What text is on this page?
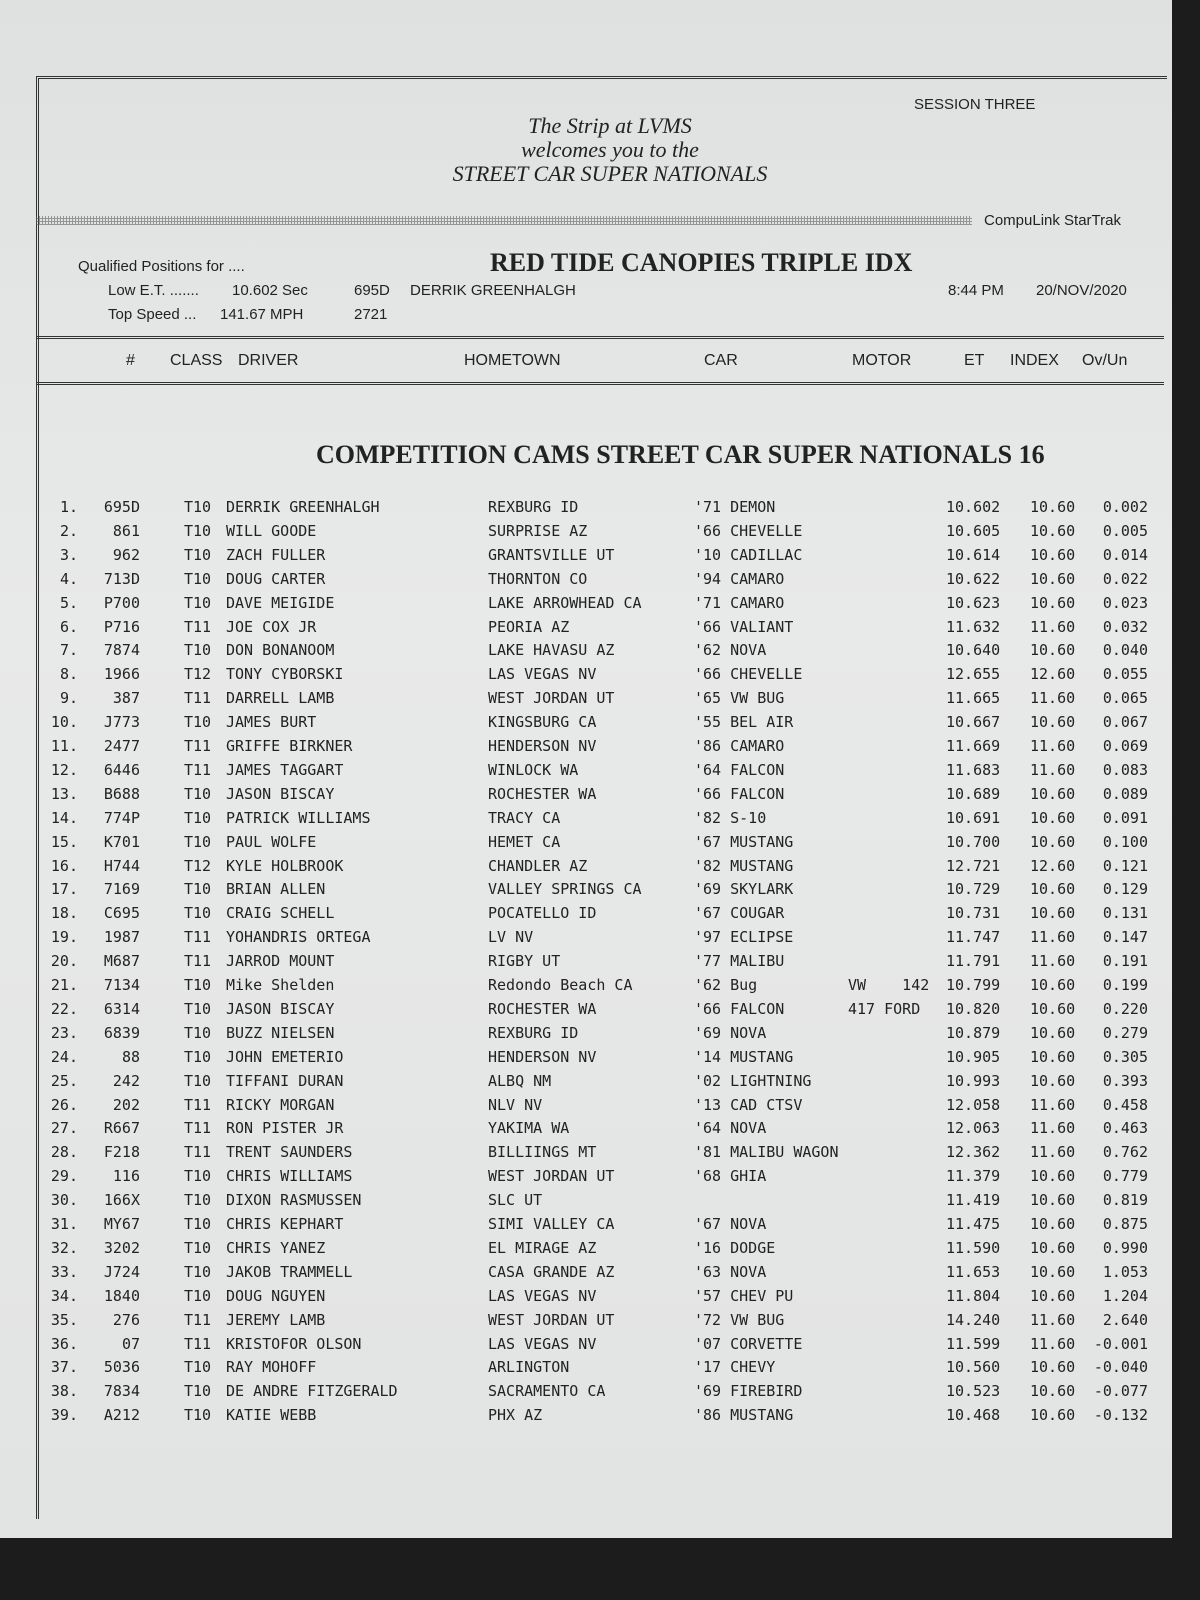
SESSION THREE
The Strip at LVMS
welcomes you to the
STREET CAR SUPER NATIONALS
CompuLink StarTrak
Qualified Positions for ....	RED TIDE CANOPIES TRIPLE IDX
Low E.T. ....... 10.602 Sec	695D DERRIK GREENHALGH	8:44 PM 20/NOV/2020
Top Speed ... 141.67 MPH	2721
# CLASS DRIVER	HOMETOWN	CAR	MOTOR	ET INDEX Ov/Un
COMPETITION CAMS STREET CAR SUPER NATIONALS 16
1.	695D	T10 DERRIK GREENHALGH	REXBURG ID	'71 DEMON	10.602 10.60	0.002
2.	861	T10 WILL GOODE	SURPRISE AZ	'66 CHEVELLE	10.605 10.60	0.005
3.	962	T10 ZACH FULLER	GRANTSVILLE UT	'10 CADILLAC	10.614 10.60	0.014
4.	713D	T10 DOUG CARTER	THORNTON CO	'94 CAMARO	10.622 10.60	0.022
5.	P700	T10 DAVE MEIGIDE	LAKE ARROWHEAD CA	'71 CAMARO	10.623 10.60	0.023
6.	P716	T11 JOE COX JR	PEORIA AZ	'66 VALIANT	11.632 11.60	0.032
7.	7874	T10 DON BONANOOM	LAKE HAVASU AZ	'62 NOVA	10.640 10.60	0.040
8.	1966	T12 TONY CYBORSKI	LAS VEGAS NV	'66 CHEVELLE	12.655 12.60	0.055
9.	387	T11 DARRELL LAMB	WEST JORDAN UT	'65 VW BUG	11.665 11.60	0.065
10.	J773	T10 JAMES BURT	KINGSBURG CA	'55 BEL AIR	10.667 10.60	0.067
11.	2477	T11 GRIFFE BIRKNER	HENDERSON NV	'86 CAMARO	11.669 11.60	0.069
12.	6446	T11 JAMES TAGGART	WINLOCK WA	'64 FALCON	11.683 11.60	0.083
13.	B688	T10 JASON BISCAY	ROCHESTER WA	'66 FALCON	10.689 10.60	0.089
14.	774P	T10 PATRICK WILLIAMS	TRACY CA	'82 S-10	10.691 10.60	0.091
15.	K701	T10 PAUL WOLFE	HEMET CA	'67 MUSTANG	10.700 10.60	0.100
16.	H744	T12 KYLE HOLBROOK	CHANDLER AZ	'82 MUSTANG	12.721 12.60	0.121
17.	7169	T10 BRIAN ALLEN	VALLEY SPRINGS CA	'69 SKYLARK	10.729 10.60	0.129
18.	C695	T10 CRAIG SCHELL	POCATELLO ID	'67 COUGAR	10.731 10.60	0.131
19.	1987	T11 YOHANDRIS ORTEGA	LV NV	'97 ECLIPSE	11.747 11.60	0.147
20.	M687	T11 JARROD MOUNT	RIGBY UT	'77 MALIBU	11.791 11.60	0.191
21.	7134	T10 Mike Shelden	Redondo Beach CA	'62 Bug	VW    142 10.799 10.60	0.199
22.	6314	T10 JASON BISCAY	ROCHESTER WA	'66 FALCON	417 FORD 10.820 10.60	0.220
23.	6839	T10 BUZZ NIELSEN	REXBURG ID	'69 NOVA	10.879 10.60	0.279
24.	88	T10 JOHN EMETERIO	HENDERSON NV	'14 MUSTANG	10.905 10.60	0.305
25.	242	T10 TIFFANI DURAN	ALBQ NM	'02 LIGHTNING	10.993 10.60	0.393
26.	202	T11 RICKY MORGAN	NLV NV	'13 CAD CTSV	12.058 11.60	0.458
27.	R667	T11 RON PISTER JR	YAKIMA WA	'64 NOVA	12.063 11.60	0.463
28.	F218	T11 TRENT SAUNDERS	BILLIINGS MT	'81 MALIBU WAGON	12.362 11.60	0.762
29.	116	T10 CHRIS WILLIAMS	WEST JORDAN UT	'68 GHIA	11.379 10.60	0.779
30.	166X	T10 DIXON RASMUSSEN	SLC UT	11.419 10.60	0.819
31.	MY67	T10 CHRIS KEPHART	SIMI VALLEY CA	'67 NOVA	11.475 10.60	0.875
32.	3202	T10 CHRIS YANEZ	EL MIRAGE AZ	'16 DODGE	11.590 10.60	0.990
33.	J724	T10 JAKOB TRAMMELL	CASA GRANDE AZ	'63 NOVA	11.653 10.60	1.053
34.	1840	T10 DOUG NGUYEN	LAS VEGAS NV	'57 CHEV PU	11.804 10.60	1.204
35.	276	T11 JEREMY LAMB	WEST JORDAN UT	'72 VW BUG	14.240 11.60	2.640
36.	07	T11 KRISTOFOR OLSON	LAS VEGAS NV	'07 CORVETTE	11.599 11.60	-0.001
37.	5036	T10 RAY MOHOFF	ARLINGTON	'17 CHEVY	10.560 10.60	-0.040
38.	7834	T10 DE ANDRE FITZGERALD	SACRAMENTO CA	'69 FIREBIRD	10.523 10.60	-0.077
39.	A212	T10 KATIE WEBB	PHX AZ	'86 MUSTANG	10.468 10.60	-0.132
